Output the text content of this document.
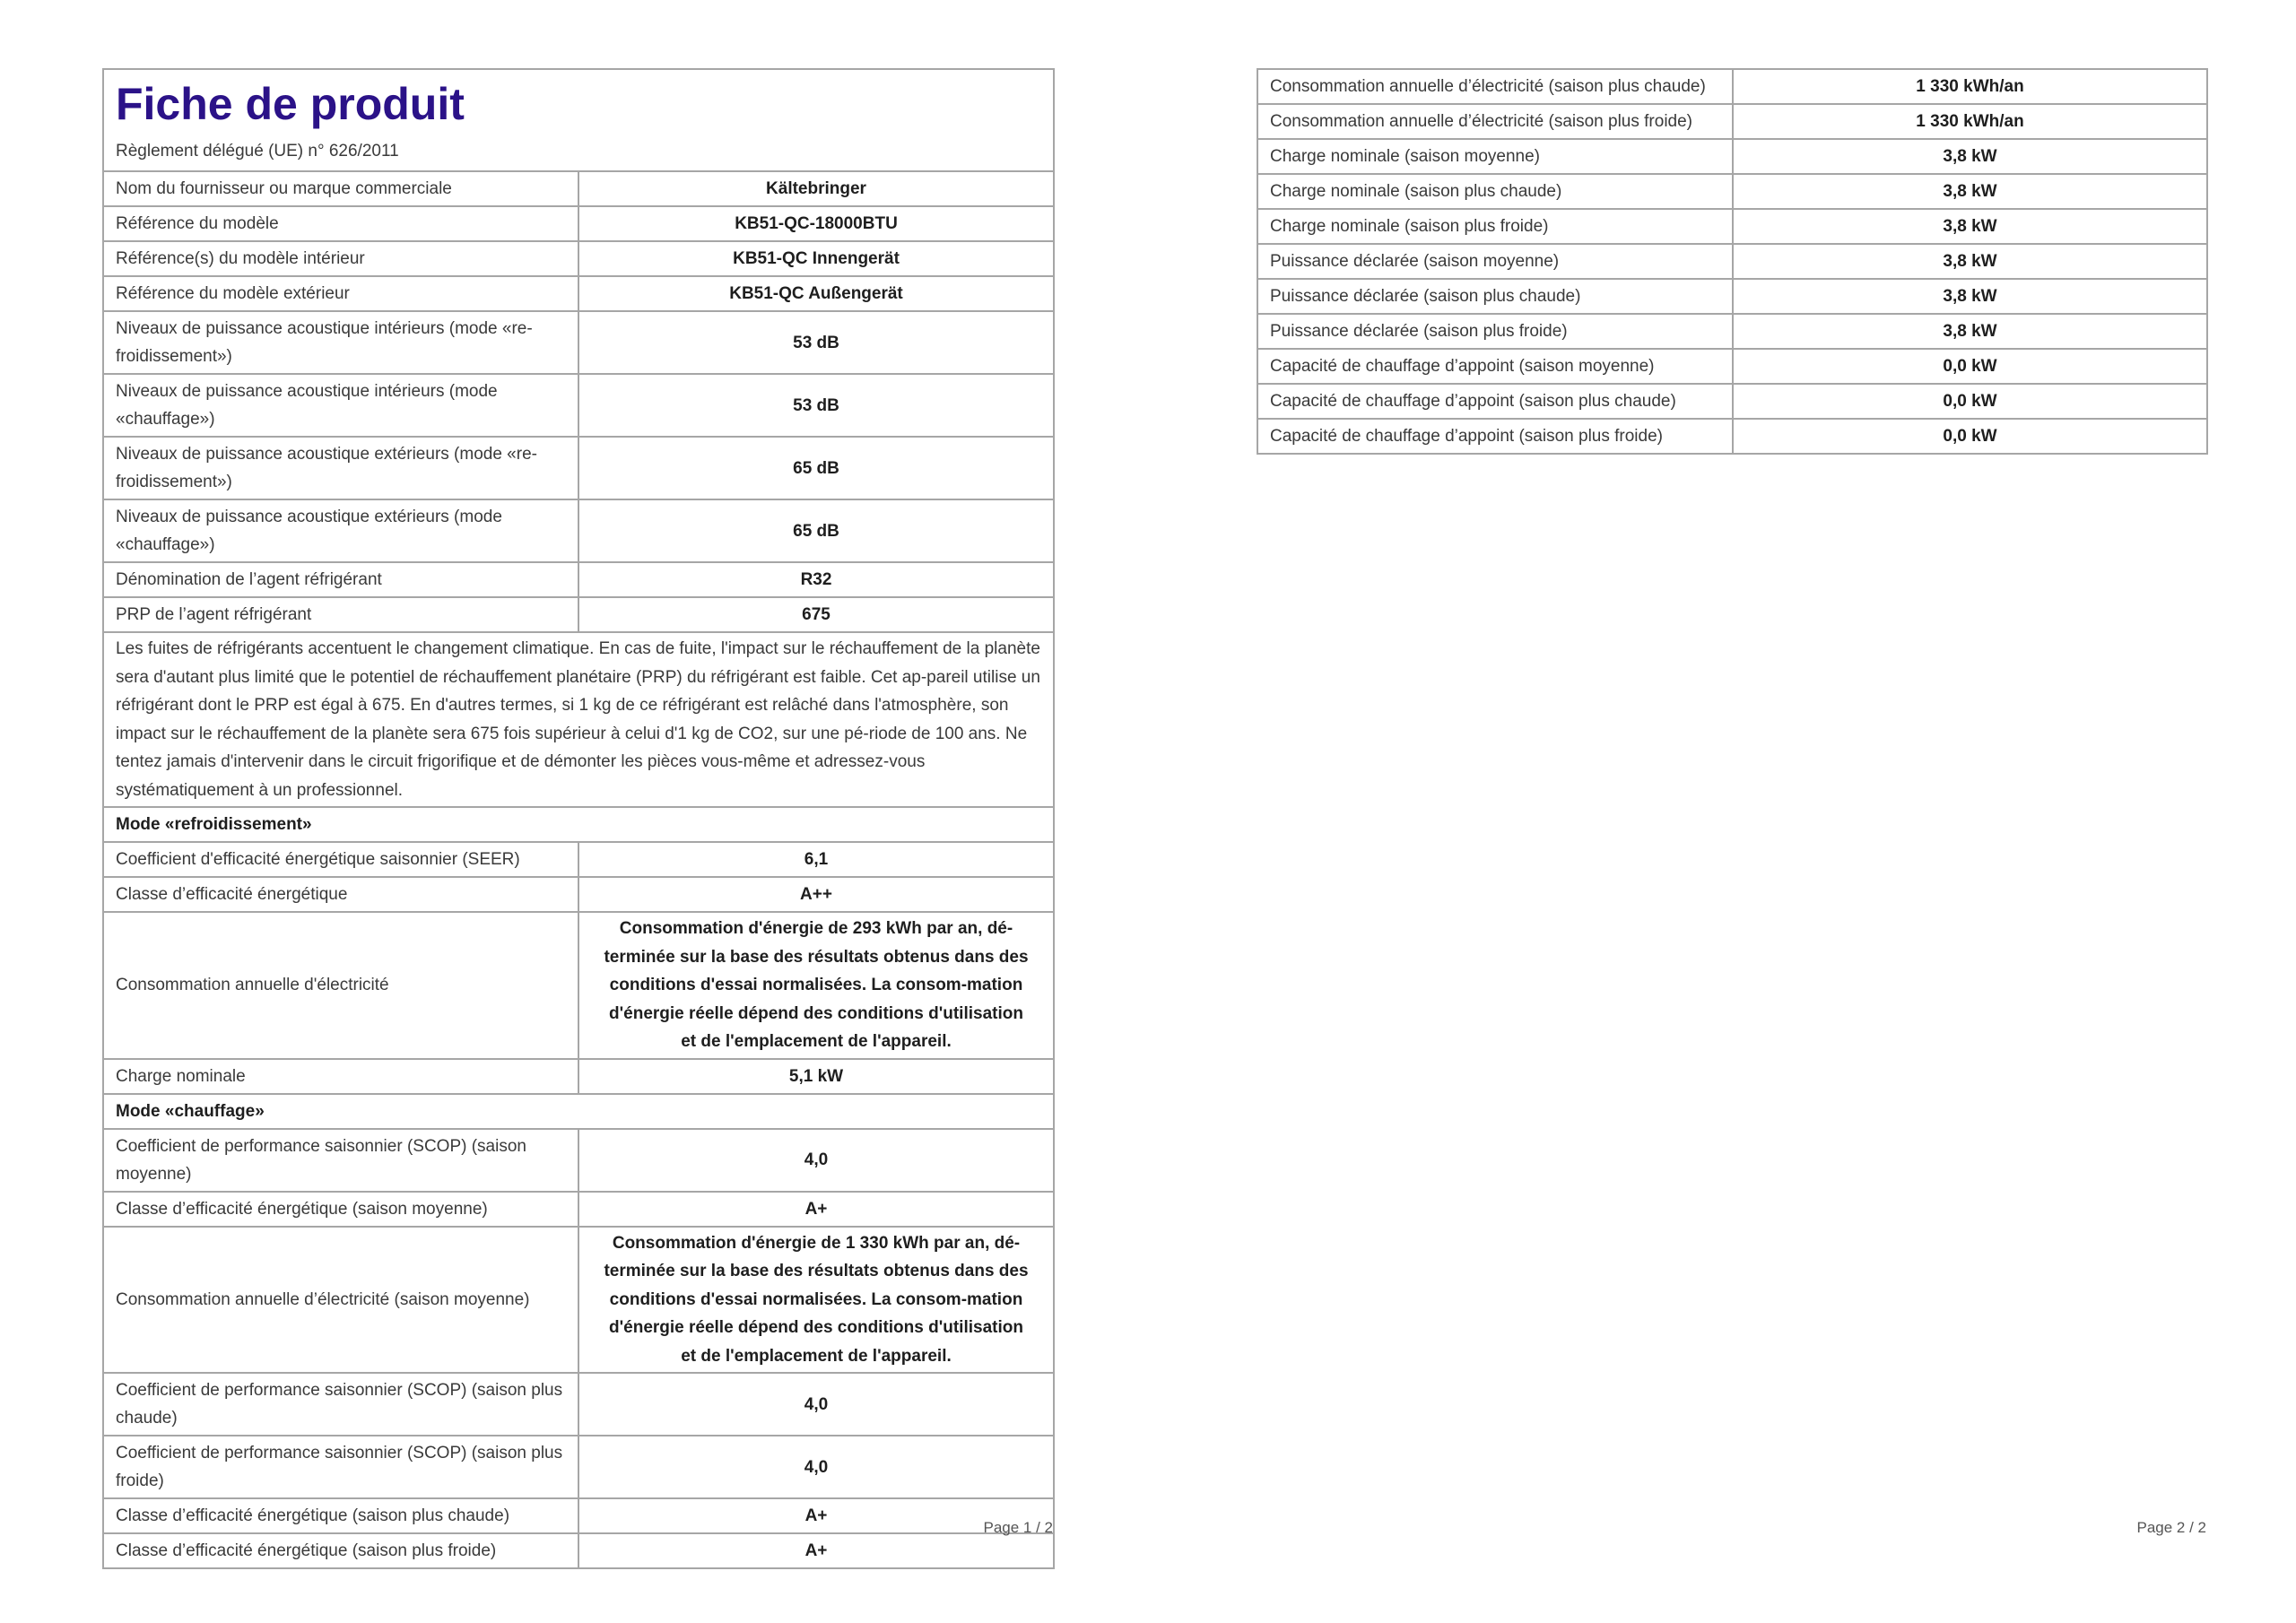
Fiche de produit
Règlement délégué (UE) n° 626/2011	

Nom du fournisseur ou marque commerciale	Kältebringer
Référence du modèle	KB51-QC-18000BTU
Référence(s) du modèle intérieur	KB51-QC Innengerät
Référence du modèle extérieur	KB51-QC Außengerät
Niveaux de puissance acoustique intérieurs (mode «re-froidissement»)	53 dB
Niveaux de puissance acoustique intérieurs (mode «chauffage»)	53 dB
Niveaux de puissance acoustique extérieurs (mode «re-froidissement»)	65 dB
Niveaux de puissance acoustique extérieurs (mode «chauffage»)	65 dB
Dénomination de l’agent réfrigérant	R32
PRP de l’agent réfrigérant	675
Les fuites de réfrigérants accentuent le changement climatique. En cas de fuite, l'impact sur le réchauffement de la planète sera d'autant plus limité que le potentiel de réchauffement planétaire (PRP) du réfrigérant est faible. Cet ap-pareil utilise un réfrigérant dont le PRP est égal à 675. En d'autres termes, si 1 kg de ce réfrigérant est relâché dans l'atmosphère, son impact sur le réchauffement de la planète sera 675 fois supérieur à celui d'1 kg de CO2, sur une pé-riode de 100 ans. Ne tentez jamais d'intervenir dans le circuit frigorifique et de démonter les pièces vous-même et adressez-vous systématiquement à un professionnel.	
Mode «refroidissement»	
Coefficient d'efficacité énergétique saisonnier (SEER)	6,1
Classe d’efficacité énergétique	A++
Consommation annuelle d'électricité	Consommation d'énergie de 293 kWh par an, dé-terminée sur la base des résultats obtenus dans des conditions d'essai normalisées. La consom-mation d'énergie réelle dépend des conditions d'utilisation et de l'emplacement de l'appareil.
Charge nominale	5,1 kW
Mode «chauffage»	
Coefficient de performance saisonnier (SCOP) (saison moyenne)	4,0
Classe d’efficacité énergétique (saison moyenne)	A+
Consommation annuelle d’électricité (saison moyenne)	Consommation d'énergie de 1 330 kWh par an, dé-terminée sur la base des résultats obtenus dans des conditions d'essai normalisées. La consom-mation d'énergie réelle dépend des conditions d'utilisation et de l'emplacement de l'appareil.
Coefficient de performance saisonnier (SCOP) (saison plus chaude)	4,0
Coefficient de performance saisonnier (SCOP) (saison plus froide)	4,0
Classe d’efficacité énergétique (saison plus chaude)	A+
Classe d’efficacité énergétique (saison plus froide)	A+
Page 1 / 2
Consommation annuelle d’électricité (saison plus chaude)	1 330 kWh/an
Consommation annuelle d’électricité (saison plus froide)	1 330 kWh/an
Charge nominale (saison moyenne)	3,8 kW
Charge nominale (saison plus chaude)	3,8 kW
Charge nominale (saison plus froide)	3,8 kW
Puissance déclarée (saison moyenne)	3,8 kW
Puissance déclarée (saison plus chaude)	3,8 kW
Puissance déclarée (saison plus froide)	3,8 kW
Capacité de chauffage d’appoint (saison moyenne)	0,0 kW
Capacité de chauffage d’appoint (saison plus chaude)	0,0 kW
Capacité de chauffage d’appoint (saison plus froide)	0,0 kW
Page 2 / 2
